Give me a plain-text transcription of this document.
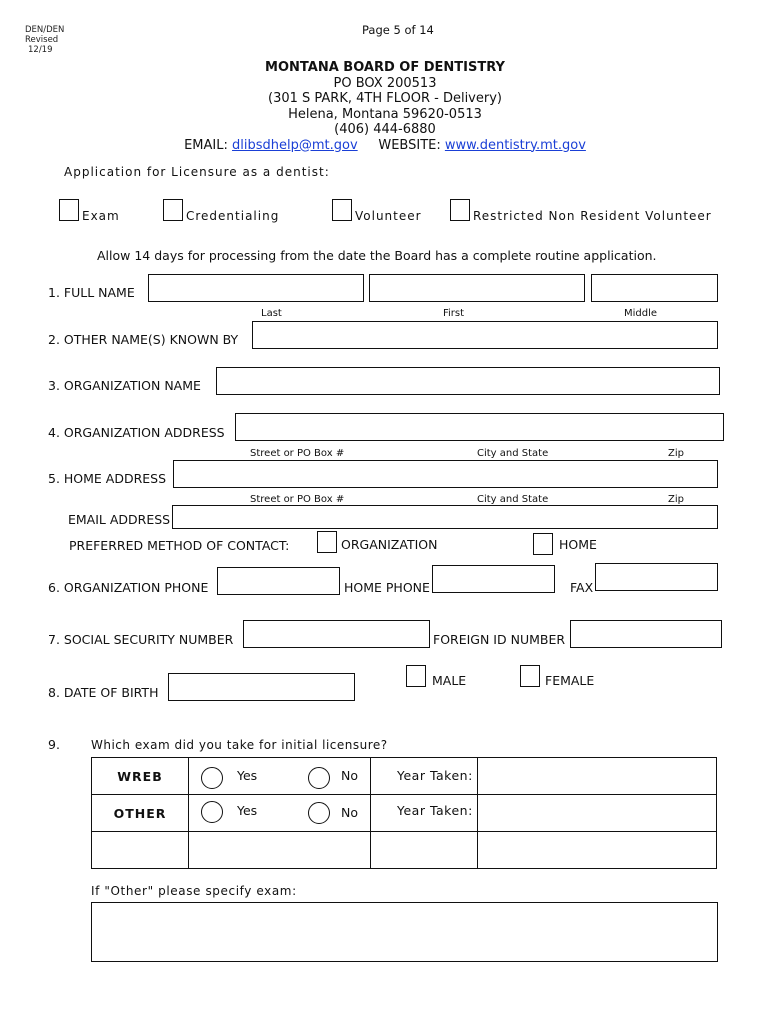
DEN/DEN
Revised
12/19
Page 5 of 14
MONTANA BOARD OF DENTISTRY
PO BOX 200513
(301 S PARK, 4TH FLOOR - Delivery)
Helena, Montana 59620-0513
(406) 444-6880
EMAIL: dlibsdhelp@mt.gov WEBSITE: www.dentistry.mt.gov
Application for Licensure as a dentist:
Exam	Credentialing	Volunteer	Restricted Non Resident Volunteer
Allow 14 days for processing from the date the Board has a complete routine application.
1. FULL NAME
Last	First	Middle
2. OTHER NAME(S) KNOWN BY
3. ORGANIZATION NAME
4. ORGANIZATION ADDRESS
Street or PO Box #	City and State	Zip
5. HOME ADDRESS
Street or PO Box #	City and State	Zip
EMAIL ADDRESS
PREFERRED METHOD OF CONTACT:	ORGANIZATION	HOME
6. ORGANIZATION PHONE	HOME PHONE	FAX
7. SOCIAL SECURITY NUMBER	FOREIGN ID NUMBER
MALE	FEMALE
8. DATE OF BIRTH
9.	Which exam did you take for initial licensure?
WREB	Yes No	Year Taken:	

OTHER	Yes No	Year Taken:	

If "Other" please specify exam:
